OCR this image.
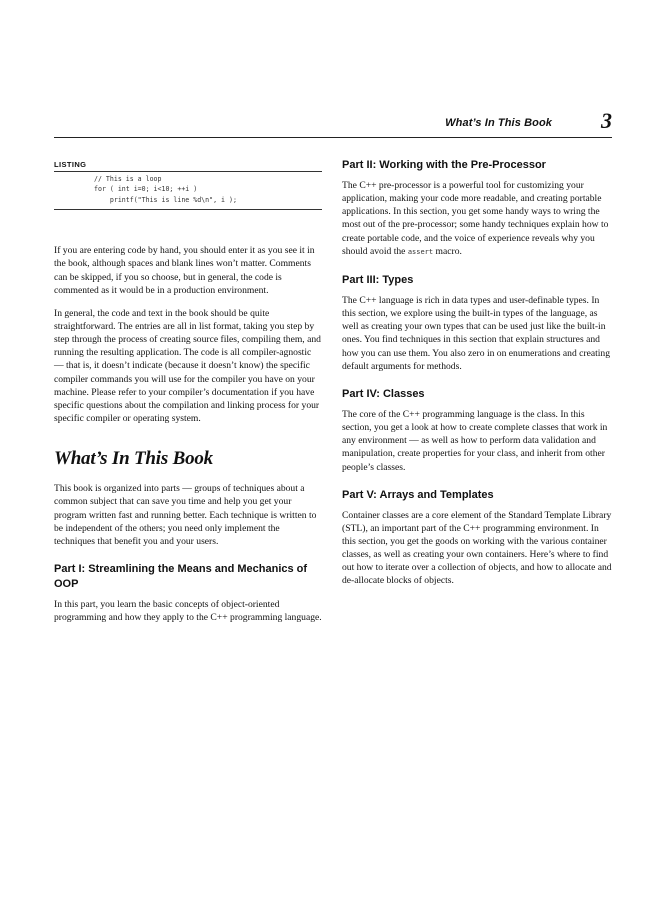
What’s In This Book 3
LISTING
// This is a loop
for ( int i=0; i<10; ++i )
printf("This is line %d\n", i );

If you are entering code by hand, you should enter it as you see it in the book, although spaces and blank lines won’t matter. Comments can be skipped, if you so choose, but in general, the code is commented as it would be in a production environment.

In general, the code and text in the book should be quite straightforward. The entries are all in list format, taking you step by step through the process of creating source files, compiling them, and running the resulting application. The code is all compiler-agnostic — that is, it doesn’t indicate (because it doesn’t know) the specific compiler commands you will use for the compiler you have on your machine. Please refer to your compiler’s documentation if you have specific questions about the compilation and linking process for your specific compiler or operating system.

What’s In This Book

This book is organized into parts — groups of techniques about a common subject that can save you time and help you get your program written fast and running better. Each technique is written to be independent of the others; you need only implement the techniques that benefit you and your users.

Part I: Streamlining the Means and Mechanics of OOP

In this part, you learn the basic concepts of object-oriented programming and how they apply to the C++ programming language.

Part II: Working with the Pre-Processor

The C++ pre-processor is a powerful tool for customizing your application, making your code more readable, and creating portable applications. In this section, you get some handy ways to wring the most out of the pre-processor; some handy techniques explain how to create portable code, and the voice of experience reveals why you should avoid the assert macro.

Part III: Types

The C++ language is rich in data types and user-definable types. In this section, we explore using the built-in types of the language, as well as creating your own types that can be used just like the built-in ones. You find techniques in this section that explain structures and how you can use them. You also zero in on enumerations and creating default arguments for methods.

Part IV: Classes

The core of the C++ programming language is the class. In this section, you get a look at how to create complete classes that work in any environment — as well as how to perform data validation and manipulation, create properties for your class, and inherit from other people’s classes.

Part V: Arrays and Templates

Container classes are a core element of the Standard Template Library (STL), an important part of the C++ programming environment. In this section, you get the goods on working with the various container classes, as well as creating your own containers. Here’s where to find out how to iterate over a collection of objects, and how to allocate and de-allocate blocks of objects.
